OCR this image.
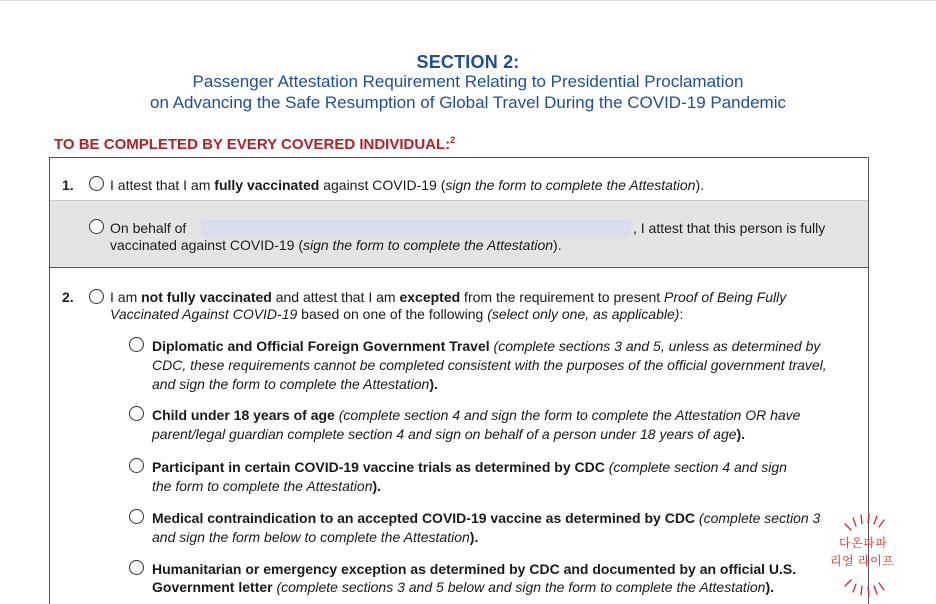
SECTION 2:
Passenger Attestation Requirement Relating to Presidential Proclamation
on Advancing the Safe Resumption of Global Travel During the COVID-19 Pandemic
TO BE COMPLETED BY EVERY COVERED INDIVIDUAL:$^2$
1.	I attest that I am fully vaccinated against COVID-19 (sign the form to complete the Attestation).
On behalf of	, I attest that this person is fully
vaccinated against COVID-19 (sign the form to complete the Attestation).
2.	I am not fully vaccinated and attest that I am excepted from the requirement to present Proof of Being Fully
Vaccinated Against COVID-19 based on one of the following (select only one, as applicable):
Diplomatic and Official Foreign Government Travel (complete sections 3 and 5, unless as determined by
CDC, these requirements cannot be completed consistent with the purposes of the official government travel,
and sign the form to complete the Attestation).
Child under 18 years of age (complete section 4 and sign the form to complete the Attestation OR have
parent/legal guardian complete section 4 and sign on behalf of a person under 18 years of age).
Participant in certain COVID-19 vaccine trials as determined by CDC (complete section 4 and sign
the form to complete the Attestation).
Medical contraindication to an accepted COVID-19 vaccine as determined by CDC (complete section 3
and sign the form below to complete the Attestation).
Humanitarian or emergency exception as determined by CDC and documented by an official U.S.
Government letter (complete sections 3 and 5 below and sign the form to complete the Attestation).
다온파파
리얼 라이프
